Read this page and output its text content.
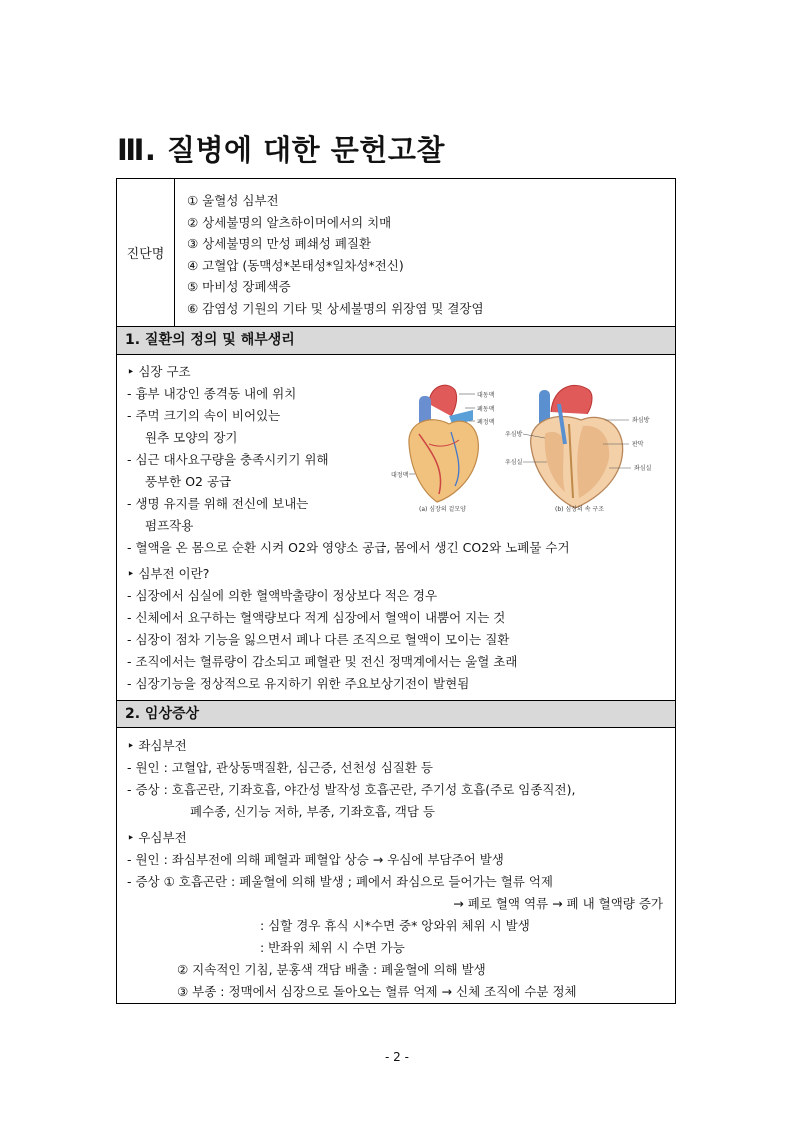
Ⅲ. 질병에 대한 문헌고찰
진단명
① 울혈성 심부전
② 상세불명의 알츠하이머에서의 치매
③ 상세불명의 만성 폐쇄성 폐질환
④ 고혈압 (동맥성*본태성*일차성*전신)
⑤ 마비성 장폐색증
⑥ 감염성 기원의 기타 및 상세불명의 위장염 및 결장염
1. 질환의 정의 및 해부생리
‣ 심장 구조
- 흉부 내강인 종격동 내에 위치
- 주먹 크기의 속이 비어있는
원추 모양의 장기
- 심근 대사요구량을 충족시키기 위해
풍부한 O2 공급
- 생명 유지를 위해 전신에 보내는
펌프작용
- 혈액을 온 몸으로 순환 시켜 O2와 영양소 공급, 몸에서 생긴 CO2와 노폐물 수거
‣ 심부전 이란?
- 심장에서 심실에 의한 혈액박출량이 정상보다 적은 경우
- 신체에서 요구하는 혈액량보다 적게 심장에서 혈액이 내뿜어 지는 것
- 심장이 점차 기능을 잃으면서 폐나 다른 조직으로 혈액이 모이는 질환
- 조직에서는 혈류량이 감소되고 폐혈관 및 전신 정맥계에서는 울혈 초래
- 심장기능을 정상적으로 유지하기 위한 주요보상기전이 발현됨
대동맥
폐동맥
폐정맥
대정맥
(a) 심장의 겉모양
우심방
우심실
좌심방
판막
좌심실
(b) 심장의 속 구조
2. 임상증상
‣ 좌심부전
- 원인 : 고혈압, 관상동맥질환, 심근증, 선천성 심질환 등
- 증상 : 호흡곤란, 기좌호흡, 야간성 발작성 호흡곤란, 주기성 호흡(주로 임종직전),
폐수종, 신기능 저하, 부종, 기좌호흡, 객담 등
‣ 우심부전
- 원인 : 좌심부전에 의해 폐혈과 폐혈압 상승 → 우심에 부담주어 발생
- 증상 ① 호흡곤란 : 폐울혈에 의해 발생 ; 폐에서 좌심으로 들어가는 혈류 억제
→ 폐로 혈액 역류 → 폐 내 혈액량 증가
: 심할 경우 휴식 시*수면 중* 앙와위 체위 시 발생
: 반좌위 체위 시 수면 가능
② 지속적인 기침, 분홍색 객담 배출 : 폐울혈에 의해 발생
③ 부종 : 정맥에서 심장으로 돌아오는 혈류 억제 → 신체 조직에 수분 정체
- 2 -
